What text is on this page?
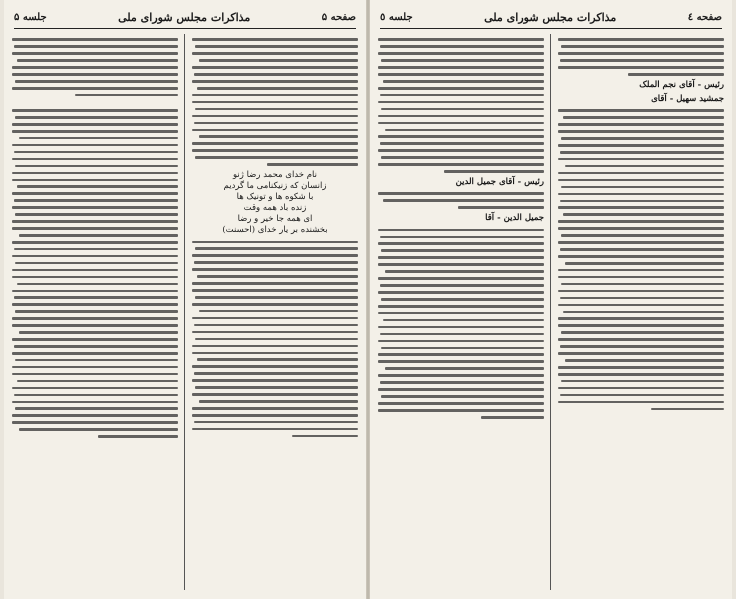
صفحه ۵
مذاکرات مجلس شورای ملی
جلسه ۵
نام خدای محمد رضا ژنو
زانسان که زنیکنامی ما گردیم
با شکوه ها و تونیک ها
زنده باد همه وقت
ای همه جا خیر و رضا
بخشنده بر یار خدای (احسنت)
صفحه ٤
مذاکرات مجلس شورای ملی
جلسه ٥
رئیس - آقای نجم الملک
جمشید سهیل - آقای
رئیس - آقای جمیل الدین
جمیل الدین - آقا
